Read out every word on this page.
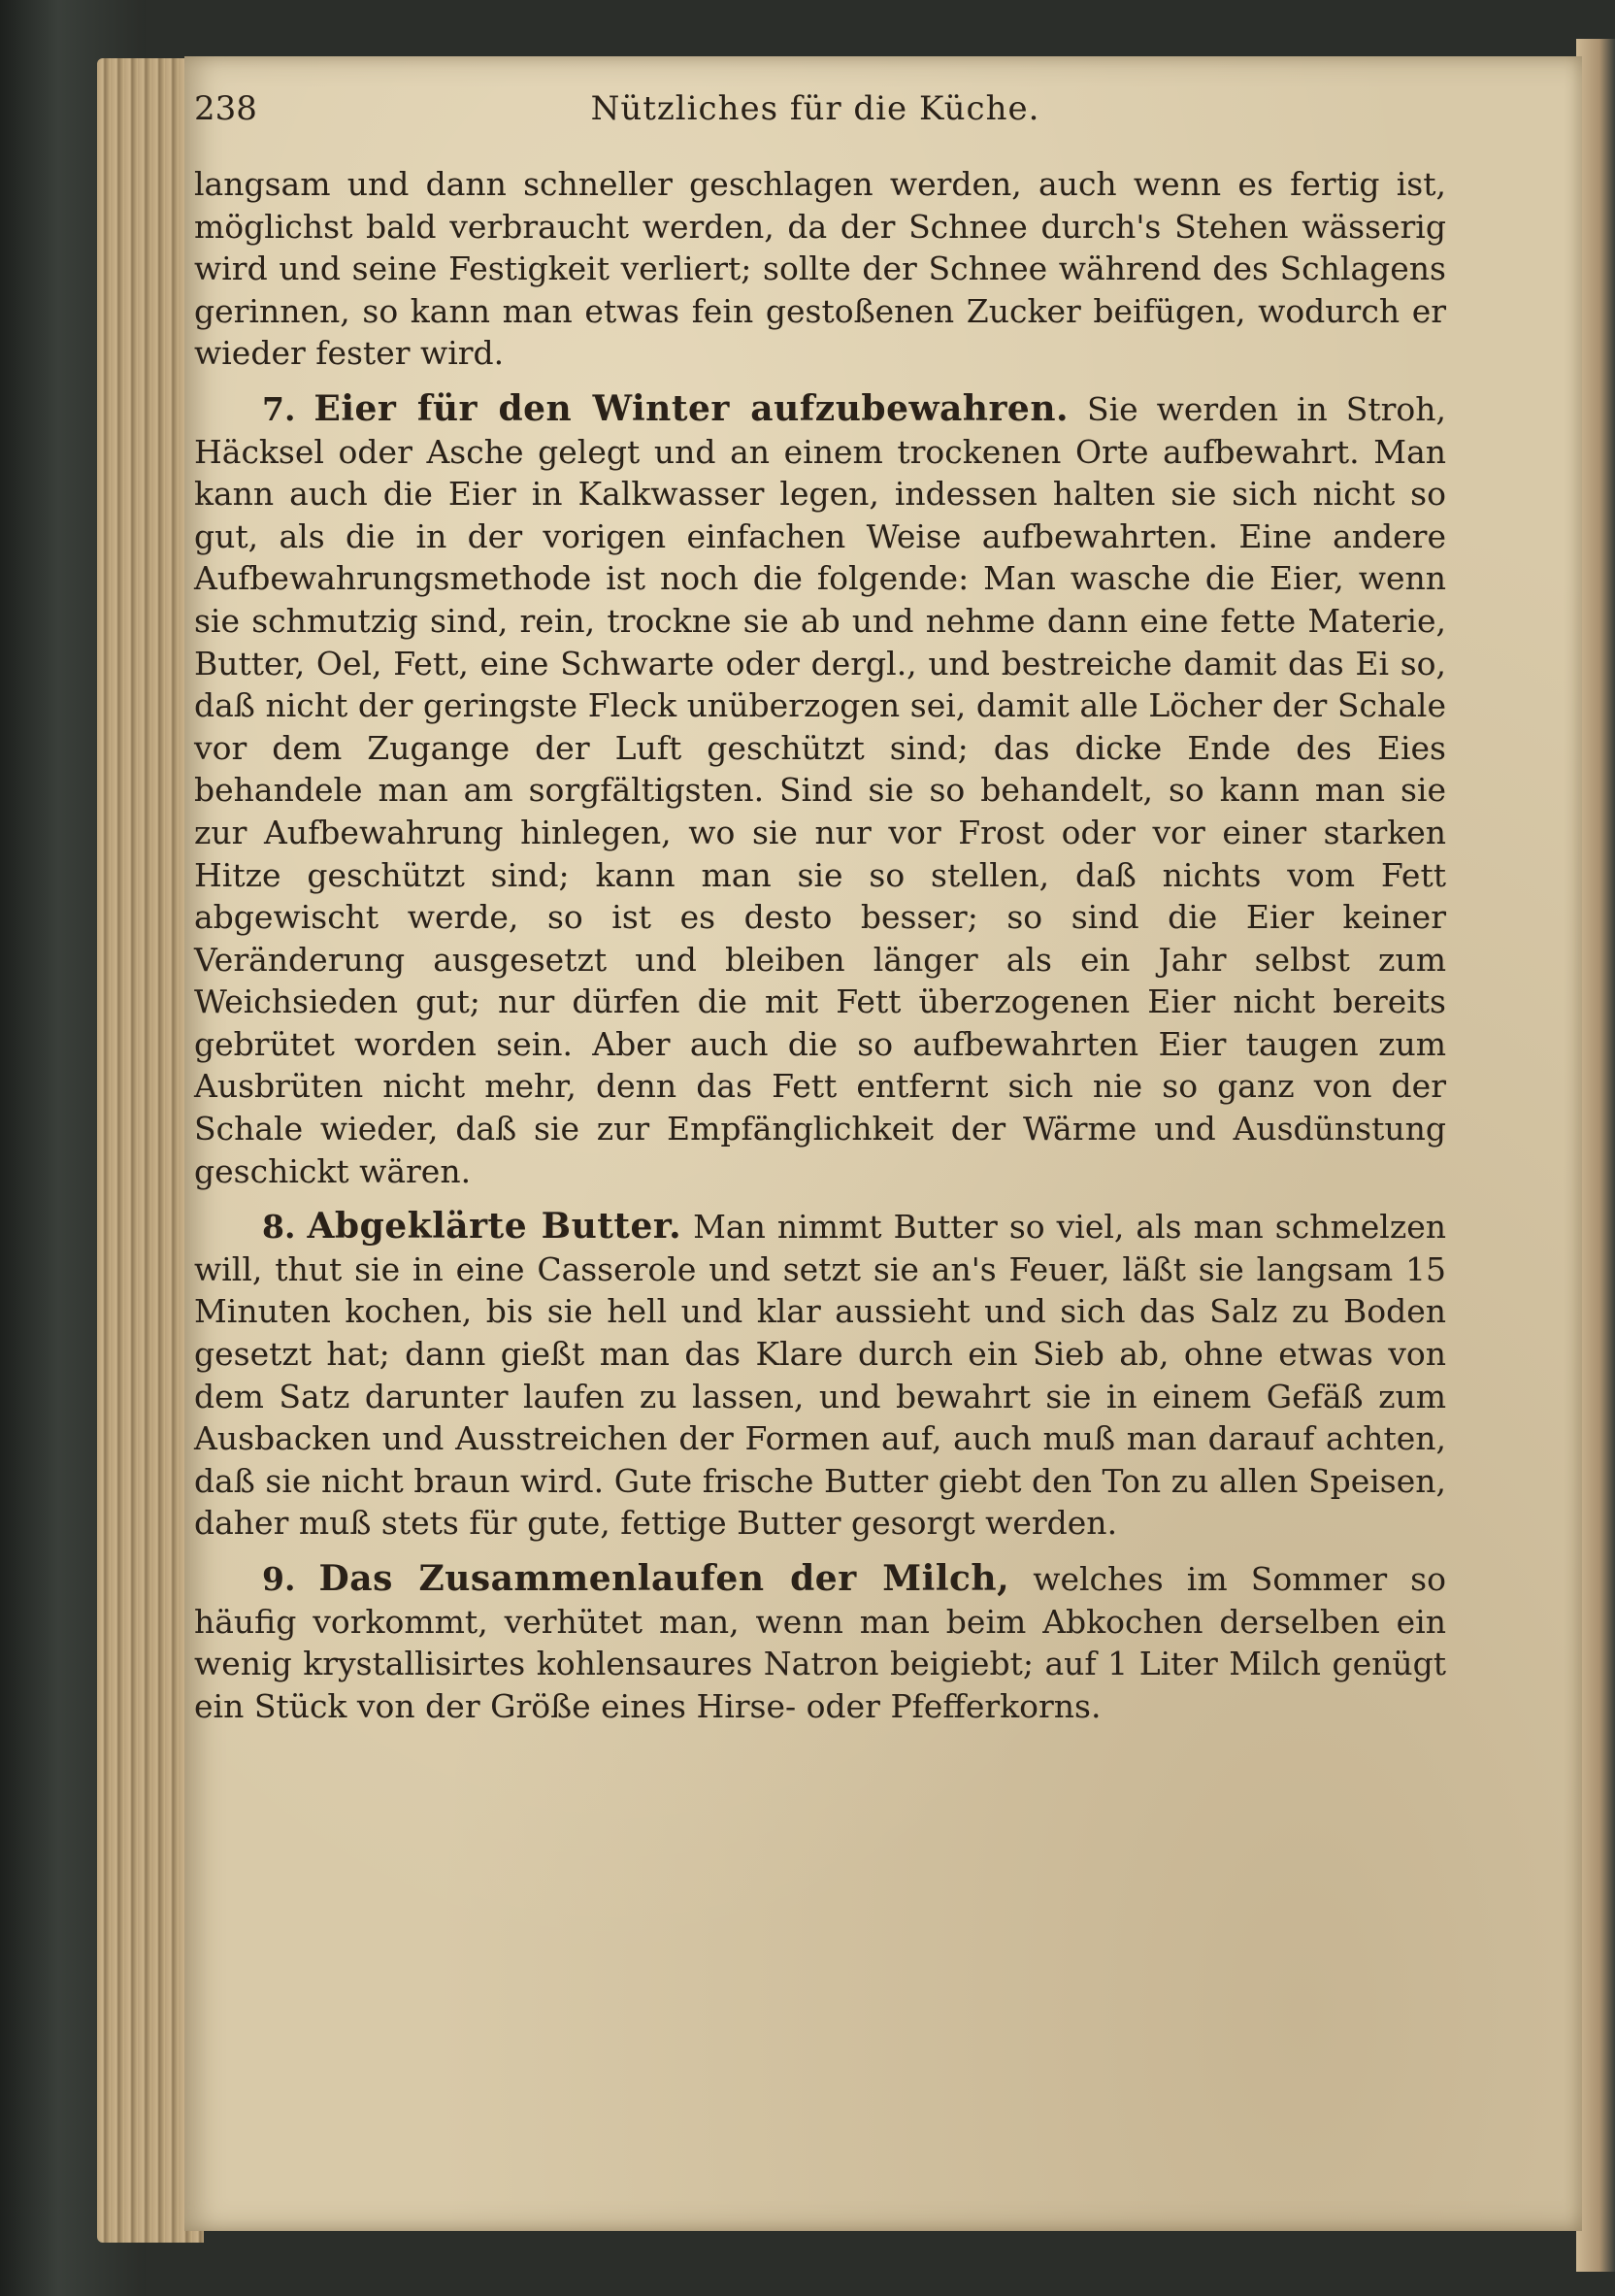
238	Nützliches für die Küche.

langsam und dann schneller geschlagen werden, auch wenn es fertig ist, möglichst bald verbraucht werden, da der Schnee durch's Stehen wässerig wird und seine Festigkeit verliert; sollte der Schnee während des Schlagens gerinnen, so kann man etwas fein gestoßenen Zucker beifügen, wodurch er wieder fester wird.

7. Eier für den Winter aufzubewahren. Sie werden in Stroh, Häcksel oder Asche gelegt und an einem trockenen Orte aufbewahrt. Man kann auch die Eier in Kalkwasser legen, indessen halten sie sich nicht so gut, als die in der vorigen einfachen Weise aufbewahrten. Eine andere Aufbewahrungsmethode ist noch die folgende: Man wasche die Eier, wenn sie schmutzig sind, rein, trockne sie ab und nehme dann eine fette Materie, Butter, Oel, Fett, eine Schwarte oder dergl., und bestreiche damit das Ei so, daß nicht der geringste Fleck unüberzogen sei, damit alle Löcher der Schale vor dem Zugange der Luft geschützt sind; das dicke Ende des Eies behandele man am sorgfältigsten. Sind sie so behandelt, so kann man sie zur Aufbewahrung hinlegen, wo sie nur vor Frost oder vor einer starken Hitze geschützt sind; kann man sie so stellen, daß nichts vom Fett abgewischt werde, so ist es desto besser; so sind die Eier keiner Veränderung ausgesetzt und bleiben länger als ein Jahr selbst zum Weichsieden gut; nur dürfen die mit Fett überzogenen Eier nicht bereits gebrütet worden sein. Aber auch die so aufbewahrten Eier taugen zum Ausbrüten nicht mehr, denn das Fett entfernt sich nie so ganz von der Schale wieder, daß sie zur Empfänglichkeit der Wärme und Ausdünstung geschickt wären.

8. Abgeklärte Butter. Man nimmt Butter so viel, als man schmelzen will, thut sie in eine Casserole und setzt sie an's Feuer, läßt sie langsam 15 Minuten kochen, bis sie hell und klar aussieht und sich das Salz zu Boden gesetzt hat; dann gießt man das Klare durch ein Sieb ab, ohne etwas von dem Satz darunter laufen zu lassen, und bewahrt sie in einem Gefäß zum Ausbacken und Ausstreichen der Formen auf, auch muß man darauf achten, daß sie nicht braun wird. Gute frische Butter giebt den Ton zu allen Speisen, daher muß stets für gute, fettige Butter gesorgt werden.

9. Das Zusammenlaufen der Milch, welches im Sommer so häufig vorkommt, verhütet man, wenn man beim Abkochen derselben ein wenig krystallisirtes kohlensaures Natron beigiebt; auf 1 Liter Milch genügt ein Stück von der Größe eines Hirse- oder Pfefferkorns.
